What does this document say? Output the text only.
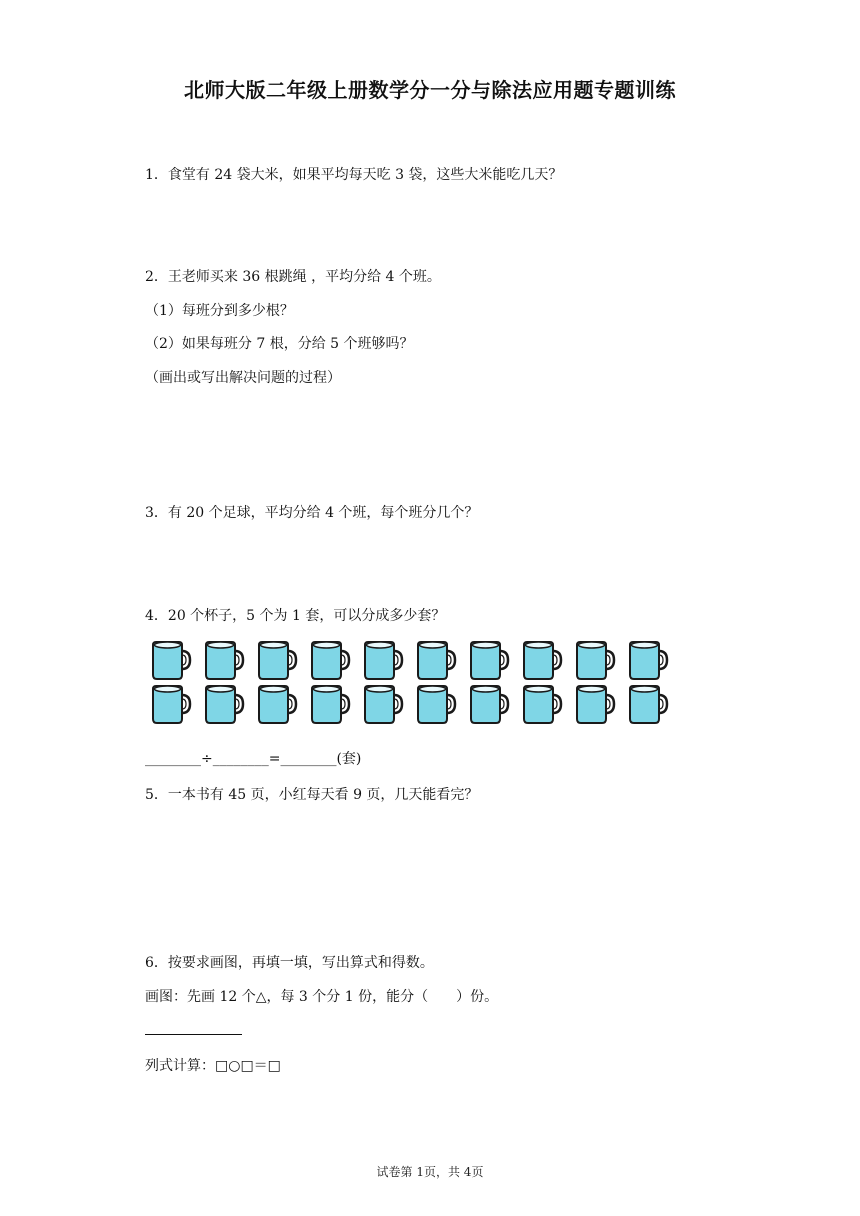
北师大版二年级上册数学分一分与除法应用题专题训练
1．食堂有 24 袋大米，如果平均每天吃 3 袋，这些大米能吃几天？
2．王老师买来 36 根跳绳 ，平均分给 4 个班。
（1）每班分到多少根？
（2）如果每班分 7 根，分给 5 个班够吗？
（画出或写出解决问题的过程）
3．有 20 个足球，平均分给 4 个班，每个班分几个？
4．20 个杯子，5 个为 1 套，可以分成多少套？
________÷________=________(套)
5．一本书有 45 页，小红每天看 9 页，几天能看完？
6．按要求画图，再填一填，写出算式和得数。
画图：先画 12 个△，每 3 个分 1 份，能分（　　）份。
列式计算：□○□＝□
试卷第 1页，共 4页
